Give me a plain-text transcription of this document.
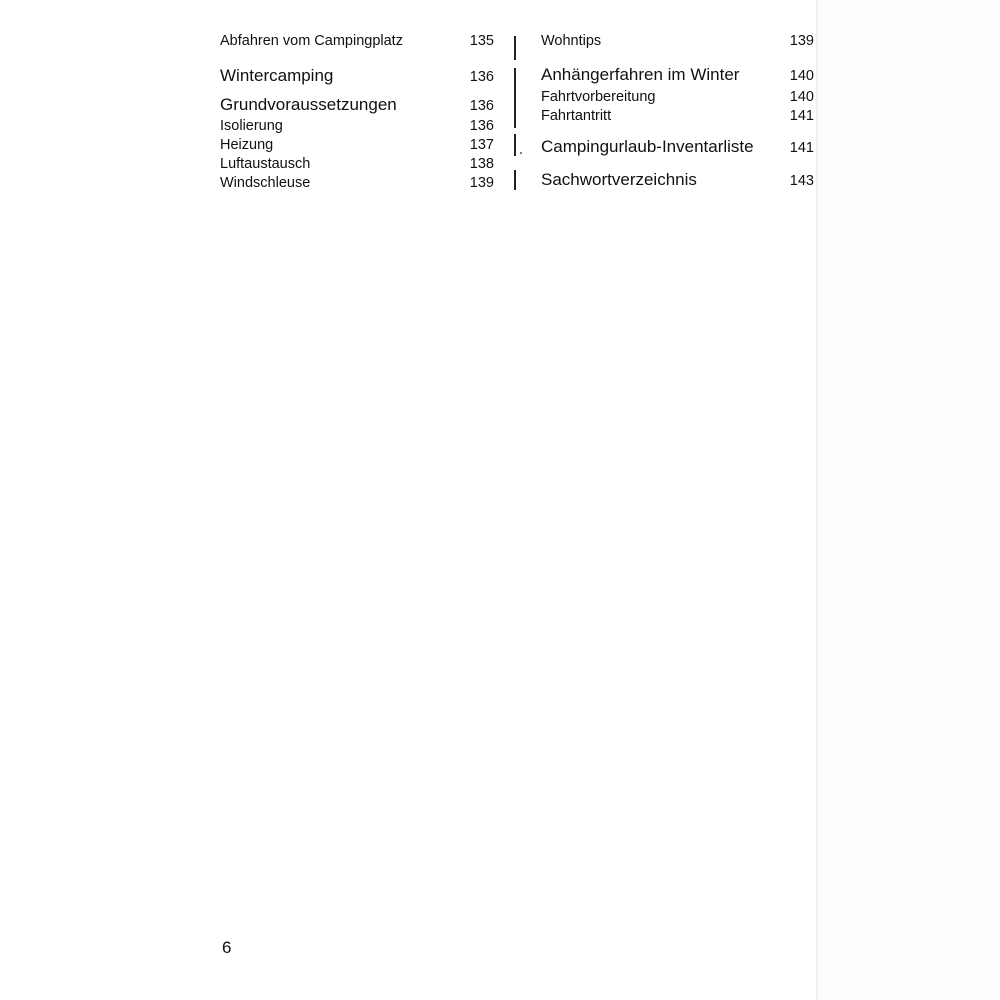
Abfahren vom Campingplatz	135
Wintercamping	136
Grundvoraussetzungen	136
Isolierung	136
Heizung	137
Luftaustausch	138
Windschleuse	139
Wohntips	139
Anhängerfahren im Winter	140
Fahrtvorbereitung	140
Fahrtantritt	141
Campingurlaub-Inventarliste 141
Sachwortverzeichnis	143
6
